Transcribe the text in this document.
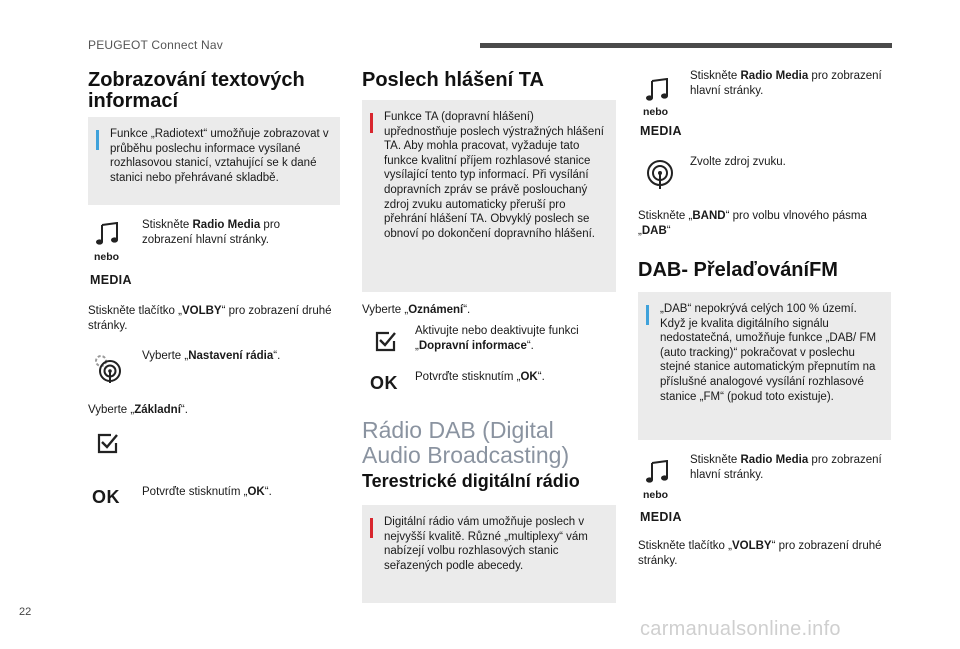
PEUGEOT Connect Nav
Zobrazování textových informací
Funkce „Radiotext“ umožňuje zobrazovat v průběhu poslechu informace vysílané rozhlasovou stanicí, vztahující se k dané stanici nebo přehrávané skladbě.
nebo
MEDIA
Stiskněte Radio Media pro zobrazení hlavní stránky.
Stiskněte tlačítko „VOLBY“ pro zobrazení druhé stránky.
Vyberte „Nastavení rádia“.
Vyberte „Základní“.
OK Potvrďte stisknutím „OK“.
Poslech hlášení TA
Funkce TA (dopravní hlášení) upřednostňuje poslech výstražných hlášení TA. Aby mohla pracovat, vyžaduje tato funkce kvalitní příjem rozhlasové stanice vysílající tento typ informací. Při vysílání dopravních zpráv se právě poslouchaný zdroj zvuku automaticky přeruší pro přehrání hlášení TA. Obvyklý poslech se obnoví po dokončení dopravního hlášení.
Vyberte „Oznámení“.
Aktivujte nebo deaktivujte funkci „Dopravní informace“.
OK Potvrďte stisknutím „OK“.
Rádio DAB (Digital Audio Broadcasting)
Terestrické digitální rádio
Digitální rádio vám umožňuje poslech v nejvyšší kvalitě. Různé „multiplexy“ vám nabízejí volbu rozhlasových stanic seřazených podle abecedy.
nebo
MEDIA
Stiskněte Radio Media pro zobrazení hlavní stránky.
Zvolte zdroj zvuku.
Stiskněte „BAND“ pro volbu vlnového pásma „DAB“
DAB- PřelaďováníFM
„DAB“ nepokrývá celých 100 % území. Když je kvalita digitálního signálu nedostatečná, umožňuje funkce „DAB/ FM (auto tracking)“ pokračovat v poslechu stejné stanice automatickým přepnutím na příslušné analogové vysílání rozhlasové stanice „FM“ (pokud toto existuje).
nebo
MEDIA
Stiskněte Radio Media pro zobrazení hlavní stránky.
Stiskněte tlačítko „VOLBY“ pro zobrazení druhé stránky.
22
carmanualsonline.info
